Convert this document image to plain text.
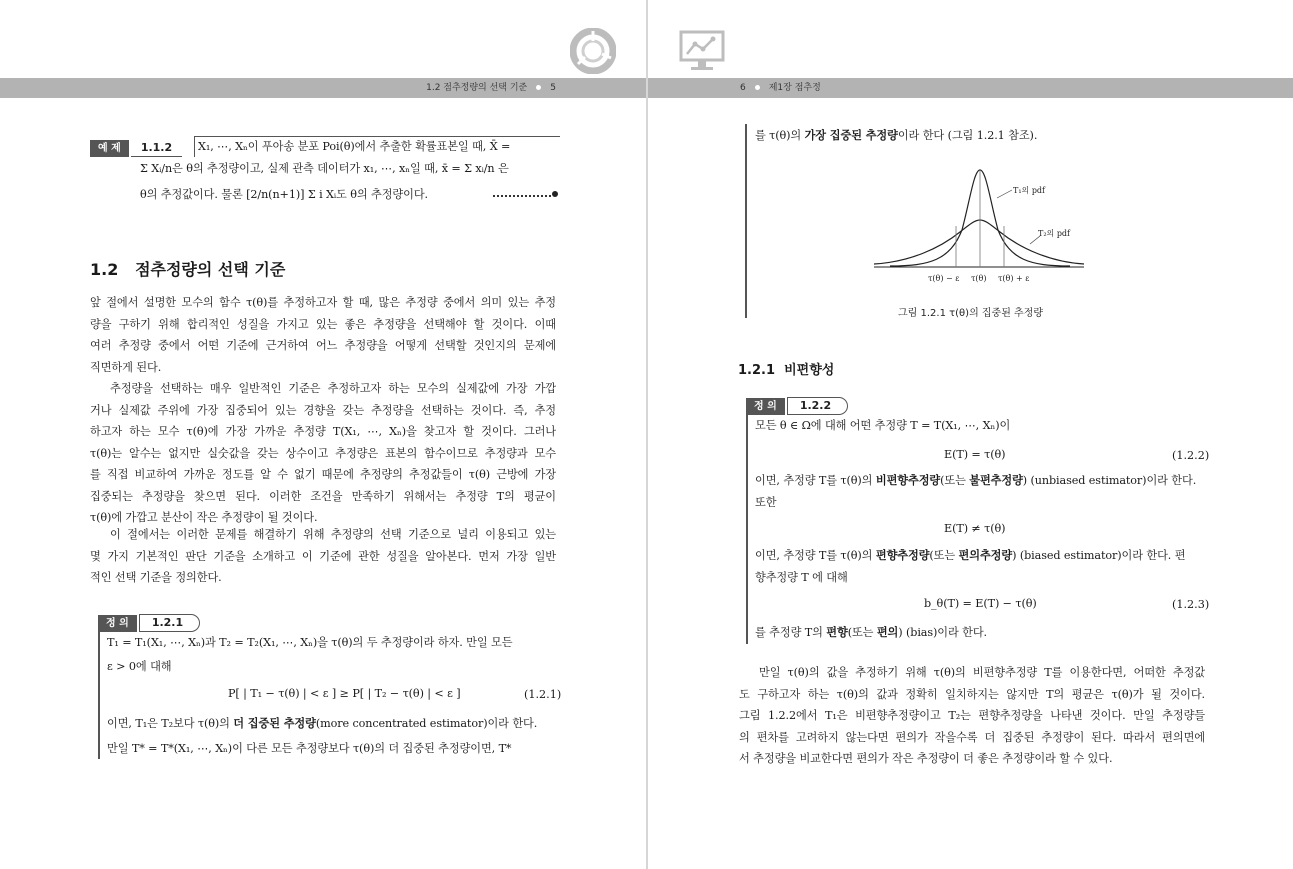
1.2 점추정량의 선택 기준	5	6	제1장 점추정
예 제 1.1.2	X₁, ⋯, Xₙ이 푸아송 분포 Poi(θ)에서 추출한 확률표본일 때, X̄ =
Σ Xᵢ/n은 θ의 추정량이고, 실제 관측 데이터가 x₁, ⋯, xₙ일 때, x̄ = Σ xᵢ/n 은
θ의 추정값이다. 물론 [2/n(n+1)] Σ i Xᵢ도 θ의 추정량이다.
1.2 점추정량의 선택 기준
앞 절에서 설명한 모수의 함수 τ(θ)를 추정하고자 할 때, 많은 추정량 중에서 의미 있는 추정
량을 구하기 위해 합리적인 성질을 가지고 있는 좋은 추정량을 선택해야 할 것이다. 이때
여러 추정량 중에서 어떤 기준에 근거하여 어느 추정량을 어떻게 선택할 것인지의 문제에
직면하게 된다.
추정량을 선택하는 매우 일반적인 기준은 추정하고자 하는 모수의 실제값에 가장 가깝
거나 실제값 주위에 가장 집중되어 있는 경향을 갖는 추정량을 선택하는 것이다. 즉, 추정
하고자 하는 모수 τ(θ)에 가장 가까운 추정량 T(X₁, ⋯, Xₙ)을 찾고자 할 것이다. 그러나
τ(θ)는 알수는 없지만 실숫값을 갖는 상수이고 추정량은 표본의 함수이므로 추정량과 모수
를 직접 비교하여 가까운 정도를 알 수 없기 때문에 추정량의 추정값들이 τ(θ) 근방에 가장
집중되는 추정량을 찾으면 된다. 이러한 조건을 만족하기 위해서는 추정량 T의 평균이
τ(θ)에 가깝고 분산이 작은 추정량이 될 것이다.
이 절에서는 이러한 문제를 해결하기 위해 추정량의 선택 기준으로 널리 이용되고 있는
몇 가지 기본적인 판단 기준을 소개하고 이 기준에 관한 성질을 알아본다. 먼저 가장 일반
적인 선택 기준을 정의한다.
정 의 1.2.1
T₁ = T₁(X₁, ⋯, Xₙ)과 T₂ = T₂(X₁, ⋯, Xₙ)을 τ(θ)의 두 추정량이라 하자. 만일 모든
ε > 0에 대해
P[ | T₁ − τ(θ) | < ε ] ≥ P[ | T₂ − τ(θ) | < ε ]	(1.2.1)
이면, T₁은 T₂보다 τ(θ)의 더 집중된 추정량(more concentrated estimator)이라 한다.
만일 T* = T*(X₁, ⋯, Xₙ)이 다른 모든 추정량보다 τ(θ)의 더 집중된 추정량이면, T*
를 τ(θ)의 가장 집중된 추정량이라 한다 (그림 1.2.1 참조).
T₁의 pdf
T₂의 pdf
τ(θ) − ε τ(θ) τ(θ) + ε
그림 1.2.1 τ(θ)의 집중된 추정량
1.2.1 비편향성
정 의 1.2.2
모든 θ ∈ Ω에 대해 어떤 추정량 T = T(X₁, ⋯, Xₙ)이
E(T) = τ(θ)	(1.2.2)
이면, 추정량 T를 τ(θ)의 비편향추정량(또는 불편추정량) (unbiased estimator)이라 한다.
또한
E(T) ≠ τ(θ)
이면, 추정량 T를 τ(θ)의 편향추정량(또는 편의추정량) (biased estimator)이라 한다. 편
향추정량 T 에 대해
b_θ(T) = E(T) − τ(θ)	(1.2.3)
를 추정량 T의 편향(또는 편의) (bias)이라 한다.
만일 τ(θ)의 값을 추정하기 위해 τ(θ)의 비편향추정량 T를 이용한다면, 어떠한 추정값
도 구하고자 하는 τ(θ)의 값과 정확히 일치하지는 않지만 T의 평균은 τ(θ)가 될 것이다.
그림 1.2.2에서 T₁은 비편향추정량이고 T₂는 편향추정량을 나타낸 것이다. 만일 추정량들
의 편차를 고려하지 않는다면 편의가 작을수록 더 집중된 추정량이 된다. 따라서 편의면에
서 추정량을 비교한다면 편의가 작은 추정량이 더 좋은 추정량이라 할 수 있다.
